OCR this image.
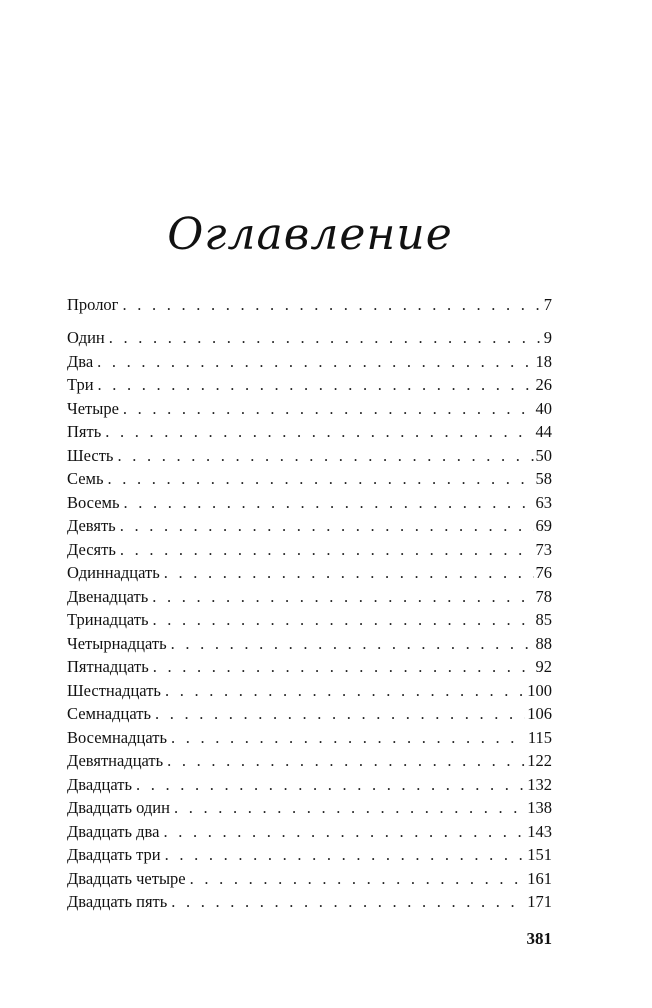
Оглавление
Пролог . . .	7
Один . . .	9
Два . . .	18
Три . . .	26
Четыре . . .	40
Пять . . .	44
Шесть . . .	50
Семь . . .	58
Восемь . . .	63
Девять . . .	69
Десять . . .	73
Одиннадцать . . .	76
Двенадцать . . .	78
Тринадцать . . .	85
Четырнадцать . . .	88
Пятнадцать . . .	92
Шестнадцать . . .	100
Семнадцать . . .	106
Восемнадцать . . .	115
Девятнадцать . . .	122
Двадцать . . .	132
Двадцать один . . .	138
Двадцать два . . .	143
Двадцать три . . .	151
Двадцать четыре . . .	161
Двадцать пять . . .	171
381
